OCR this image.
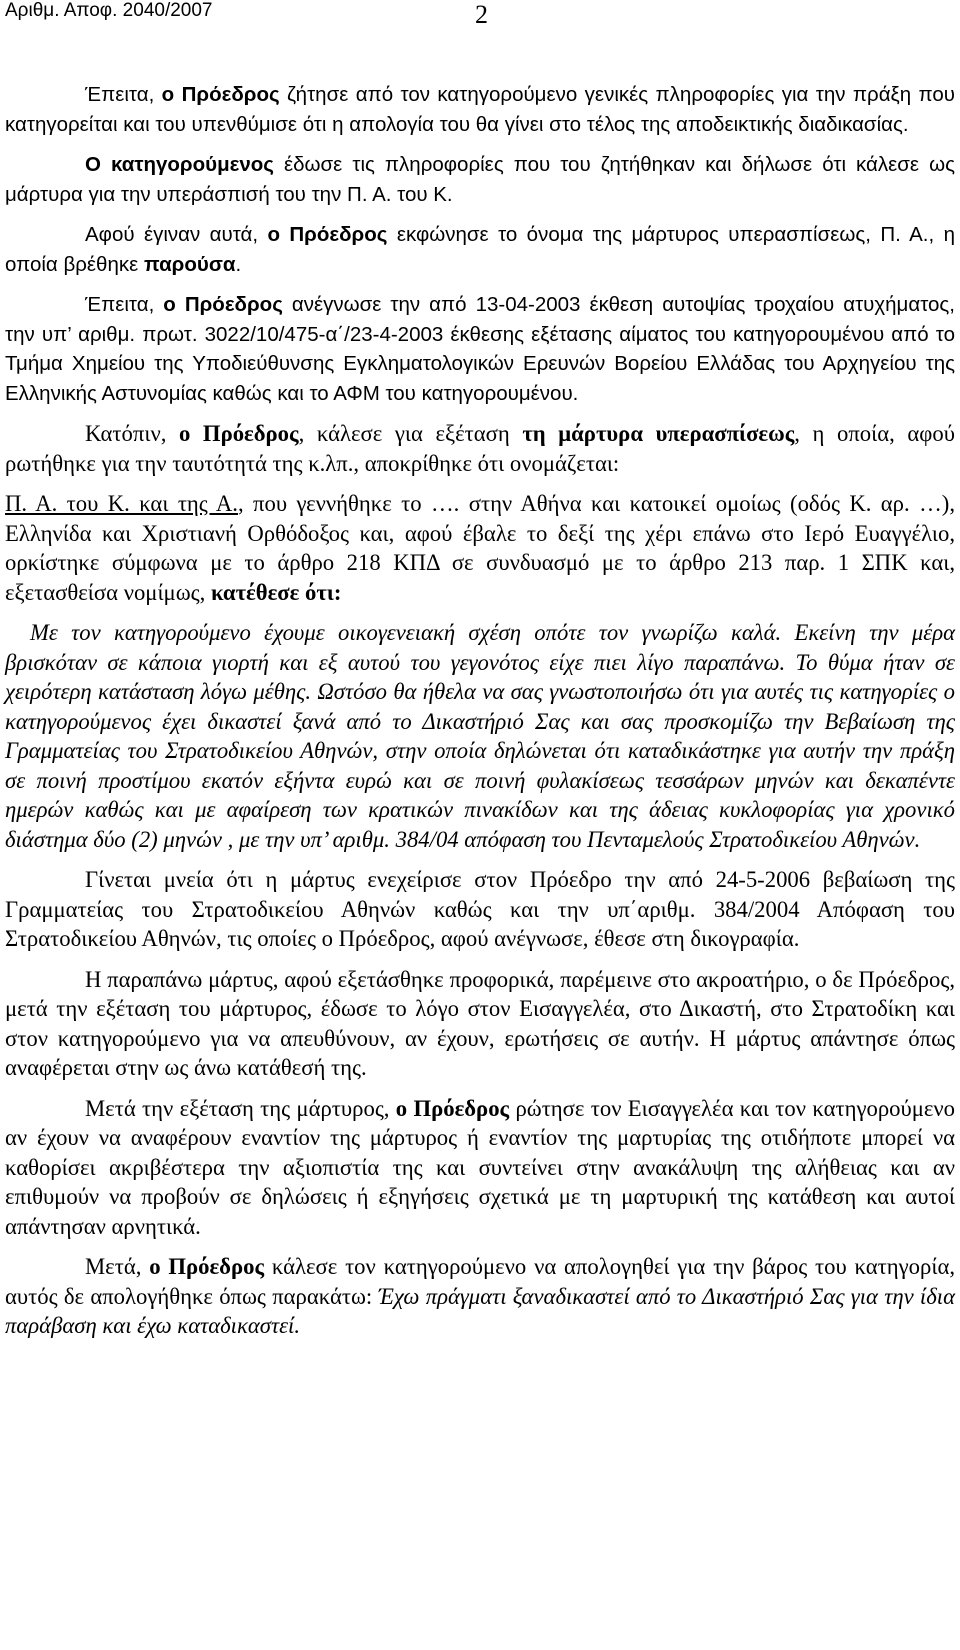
Αριθμ. Αποφ. 2040/2007	2

Έπειτα, ο Πρόεδρος ζήτησε από τον κατηγορούμενο γενικές πληροφορίες για την πράξη που κατηγορείται και του υπενθύμισε ότι η απολογία του θα γίνει στο τέλος της αποδεικτικής διαδικασίας.

Ο κατηγορούμενος έδωσε τις πληροφορίες που του ζητήθηκαν και δήλωσε ότι κάλεσε ως μάρτυρα για την υπεράσπισή του την Π. Α. του Κ.

Αφού έγιναν αυτά, ο Πρόεδρος εκφώνησε το όνομα της μάρτυρος υπερασπίσεως, Π. Α., η οποία βρέθηκε παρούσα.

Έπειτα, ο Πρόεδρος ανέγνωσε την από 13-04-2003 έκθεση αυτοψίας τροχαίου ατυχήματος, την υπ’ αριθμ. πρωτ. 3022/10/475-α΄/23-4-2003 έκθεσης εξέτασης αίματος του κατηγορουμένου από το Τμήμα Χημείου της Υποδιεύθυνσης Εγκληματολογικών Ερευνών Βορείου Ελλάδας του Αρχηγείου της Ελληνικής Αστυνομίας καθώς και το ΑΦΜ του κατηγορουμένου.

Κατόπιν, ο Πρόεδρος, κάλεσε για εξέταση τη μάρτυρα υπερασπίσεως, η οποία, αφού ρωτήθηκε για την ταυτότητά της κ.λπ., αποκρίθηκε ότι ονομάζεται:

Π. Α. του Κ. και της Α., που γεννήθηκε το …. στην Αθήνα και κατοικεί ομοίως (οδός Κ. αρ. …), Ελληνίδα και Χριστιανή Ορθόδοξος και, αφού έβαλε το δεξί της χέρι επάνω στο Ιερό Ευαγγέλιο, ορκίστηκε σύμφωνα με το άρθρο 218 ΚΠΔ σε συνδυασμό με το άρθρο 213 παρ. 1 ΣΠΚ και, εξετασθείσα νομίμως, κατέθεσε ότι:

Με τον κατηγορούμενο έχουμε οικογενειακή σχέση οπότε τον γνωρίζω καλά. Εκείνη την μέρα βρισκόταν σε κάποια γιορτή και εξ αυτού του γεγονότος είχε πιει λίγο παραπάνω. Το θύμα ήταν σε χειρότερη κατάσταση λόγω μέθης. Ωστόσο θα ήθελα να σας γνωστοποιήσω ότι για αυτές τις κατηγορίες ο κατηγορούμενος έχει δικαστεί ξανά από το Δικαστήριό Σας και σας προσκομίζω την Βεβαίωση της Γραμματείας του Στρατοδικείου Αθηνών, στην οποία δηλώνεται ότι καταδικάστηκε για αυτήν την πράξη σε ποινή προστίμου εκατόν εξήντα ευρώ και σε ποινή φυλακίσεως τεσσάρων μηνών και δεκαπέντε ημερών καθώς και με αφαίρεση των κρατικών πινακίδων και της άδειας κυκλοφορίας για χρονικό διάστημα δύο (2) μηνών , με την υπ’ αριθμ. 384/04 απόφαση του Πενταμελούς Στρατοδικείου Αθηνών.

Γίνεται μνεία ότι η μάρτυς ενεχείρισε στον Πρόεδρο την από 24-5-2006 βεβαίωση της Γραμματείας του Στρατοδικείου Αθηνών καθώς και την υπ΄αριθμ. 384/2004 Απόφαση του Στρατοδικείου Αθηνών, τις οποίες ο Πρόεδρος, αφού ανέγνωσε, έθεσε στη δικογραφία.

Η παραπάνω μάρτυς, αφού εξετάσθηκε προφορικά, παρέμεινε στο ακροατήριο, ο δε Πρόεδρος, μετά την εξέταση του μάρτυρος, έδωσε το λόγο στον Εισαγγελέα, στο Δικαστή, στο Στρατοδίκη και στον κατηγορούμενο για να απευθύνουν, αν έχουν, ερωτήσεις σε αυτήν. Η μάρτυς απάντησε όπως αναφέρεται στην ως άνω κατάθεσή της.

Μετά την εξέταση της μάρτυρος, ο Πρόεδρος ρώτησε τον Εισαγγελέα και τον κατηγορούμενο αν έχουν να αναφέρουν εναντίον της μάρτυρος ή εναντίον της μαρτυρίας της οτιδήποτε μπορεί να καθορίσει ακριβέστερα την αξιοπιστία της και συντείνει στην ανακάλυψη της αλήθειας και αν επιθυμούν να προβούν σε δηλώσεις ή εξηγήσεις σχετικά με τη μαρτυρική της κατάθεση και αυτοί απάντησαν αρνητικά.

Μετά, ο Πρόεδρος κάλεσε τον κατηγορούμενο να απολογηθεί για την βάρος του κατηγορία, αυτός δε απολογήθηκε όπως παρακάτω: Έχω πράγματι ξαναδικαστεί από το Δικαστήριό Σας για την ίδια παράβαση και έχω καταδικαστεί.
